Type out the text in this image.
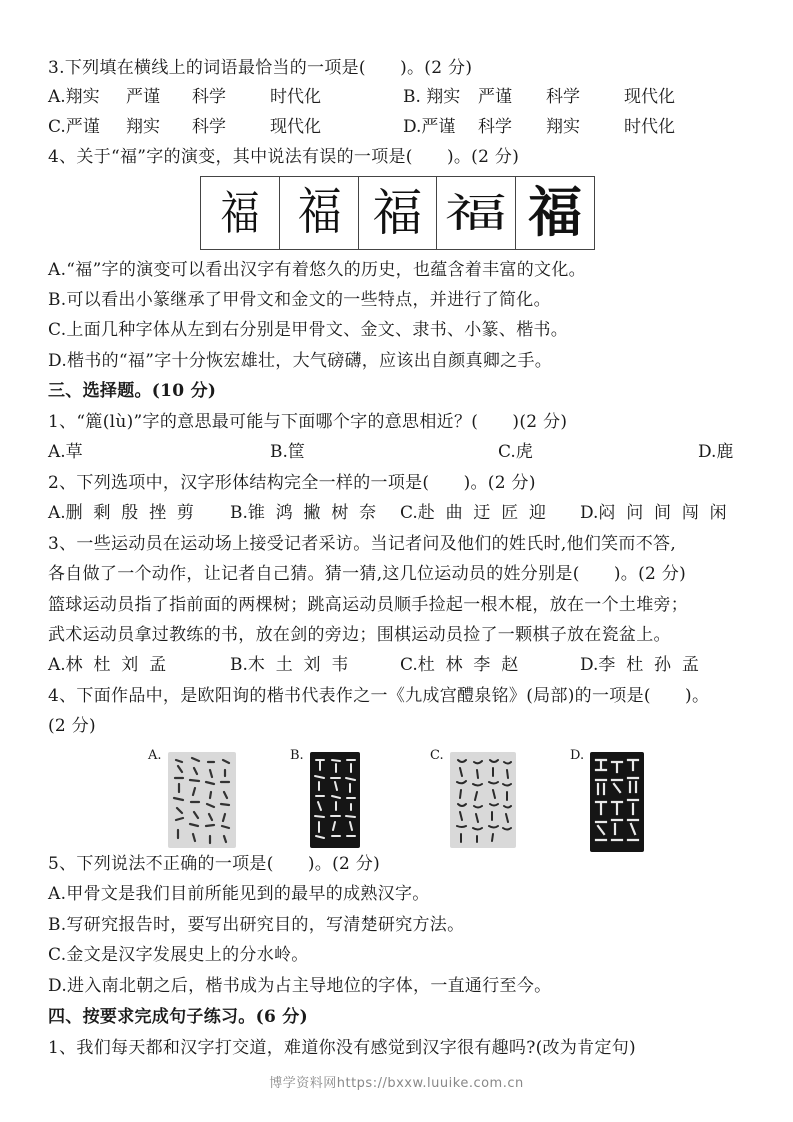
3.下列填在横线上的词语最恰当的一项是(      )。(2 分)
A.翔实 严谨 科学	时代化	B. 翔实 严谨 科学	现代化
C.严谨 翔实 科学	现代化	D.严谨 科学 翔实	时代化
4、关于“福”字的演变，其中说法有误的一项是(      )。(2 分)
福 福 福 福 福
A.“福”字的演变可以看出汉字有着悠久的历史，也蕴含着丰富的文化。
B.可以看出小篆继承了甲骨文和金文的一些特点，并进行了简化。
C.上面几种字体从左到右分别是甲骨文、金文、隶书、小篆、楷书。
D.楷书的“福”字十分恢宏雄壮，大气磅礴，应该出自颜真卿之手。
三、选择题。(10 分)
1、“簏(lù)”字的意思最可能与下面哪个字的意思相近？(      )(2 分)
A.草	B.筐	C.虎	D.鹿
2、下列选项中，汉字形体结构完全一样的一项是(      )。(2 分)
A.删  剩  殷  挫  剪 B.锥  鸿  撇  树  奈 C.赴  曲  迂  匠  迎 D.闷  问  间  闯  闲
3、一些运动员在运动场上接受记者采访。当记者问及他们的姓氏时,他们笑而不答,
各自做了一个动作，让记者自己猜。猜一猜,这几位运动员的姓分别是(      )。(2 分)
篮球运动员指了指前面的两棵树；跳高运动员顺手捡起一根木棍，放在一个土堆旁；
武术运动员拿过教练的书，放在剑的旁边；围棋运动员捡了一颗棋子放在瓷盆上。
A.林  杜  刘  孟	B.木  土  刘  韦	C.杜  林  李  赵	D.李  杜  孙  孟
4、下面作品中，是欧阳询的楷书代表作之一《九成宫醴泉铭》(局部)的一项是(      )。
(2 分)
A.	B.	C.	D.
5、下列说法不正确的一项是(      )。(2 分)
A.甲骨文是我们目前所能见到的最早的成熟汉字。
B.写研究报告时，要写出研究目的，写清楚研究方法。
C.金文是汉字发展史上的分水岭。
D.进入南北朝之后，楷书成为占主导地位的字体，一直通行至今。
四、按要求完成句子练习。(6 分)
1、我们每天都和汉字打交道，难道你没有感觉到汉字很有趣吗?(改为肯定句)
博学资料网https://bxxw.luuike.com.cn
